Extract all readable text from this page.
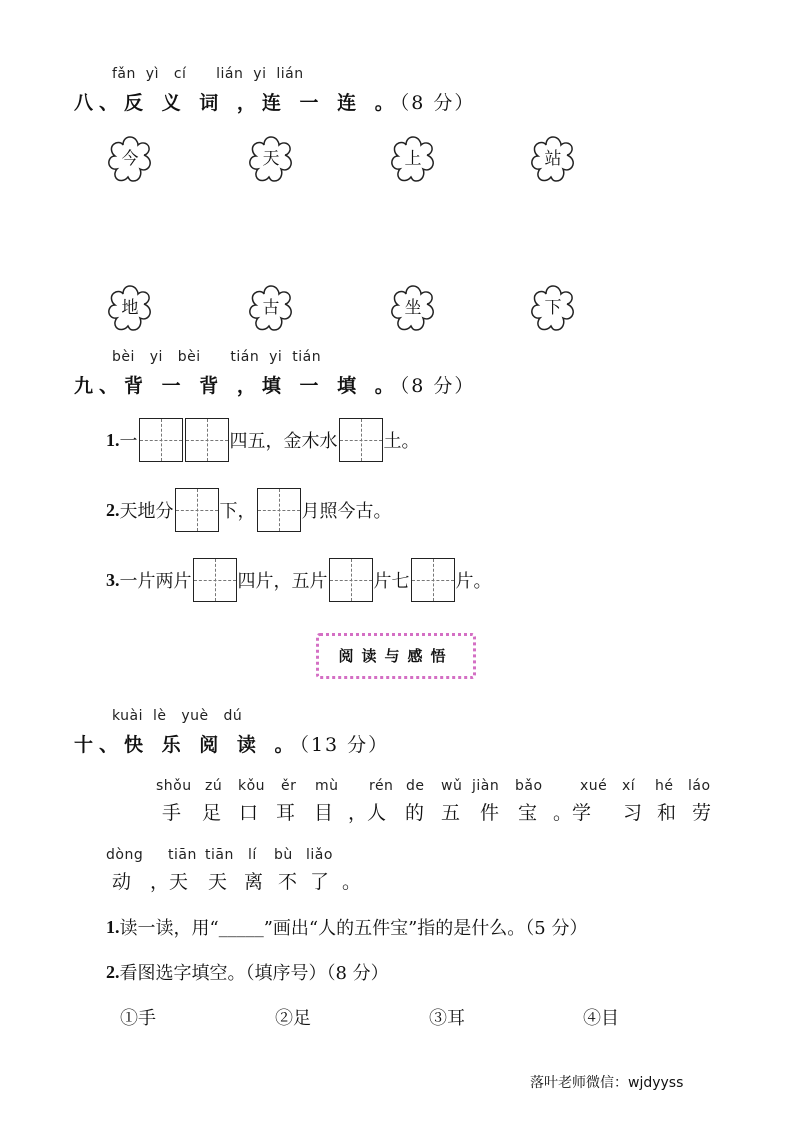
fǎn yì cí lián yi lián
八、反 义 词 ，连 一 连 。（8 分）
今	天	上	站
地	古	坐	下
bèi yi bèi tián yi tián
九、背 一 背 ，填 一 填 。（8 分）
1. 一	四五，金木水	土。
2. 天地分	下，	月照今古。
3. 一片两片	四片，五片	片七	片。
阅读与感悟
kuài lè yuè dú
十、快 乐 阅 读 。（13 分）
shǒu zú kǒu ěr mù rén de wǔ jiàn bǎo	xué xí hé láo
手 足 口 耳 目 ，人 的 五 件 宝 。学 习 和 劳
dòng tiān tiān lí bù liǎo
动 ，天 天 离 不 了 。
1. 读一读，用“ _____ ”画出“人的五件宝”指的是什么。（5 分）
2. 看图选字填空。（填序号）（8 分）
①手	②足	③耳	④目
落叶老师微信：wjdyyss
